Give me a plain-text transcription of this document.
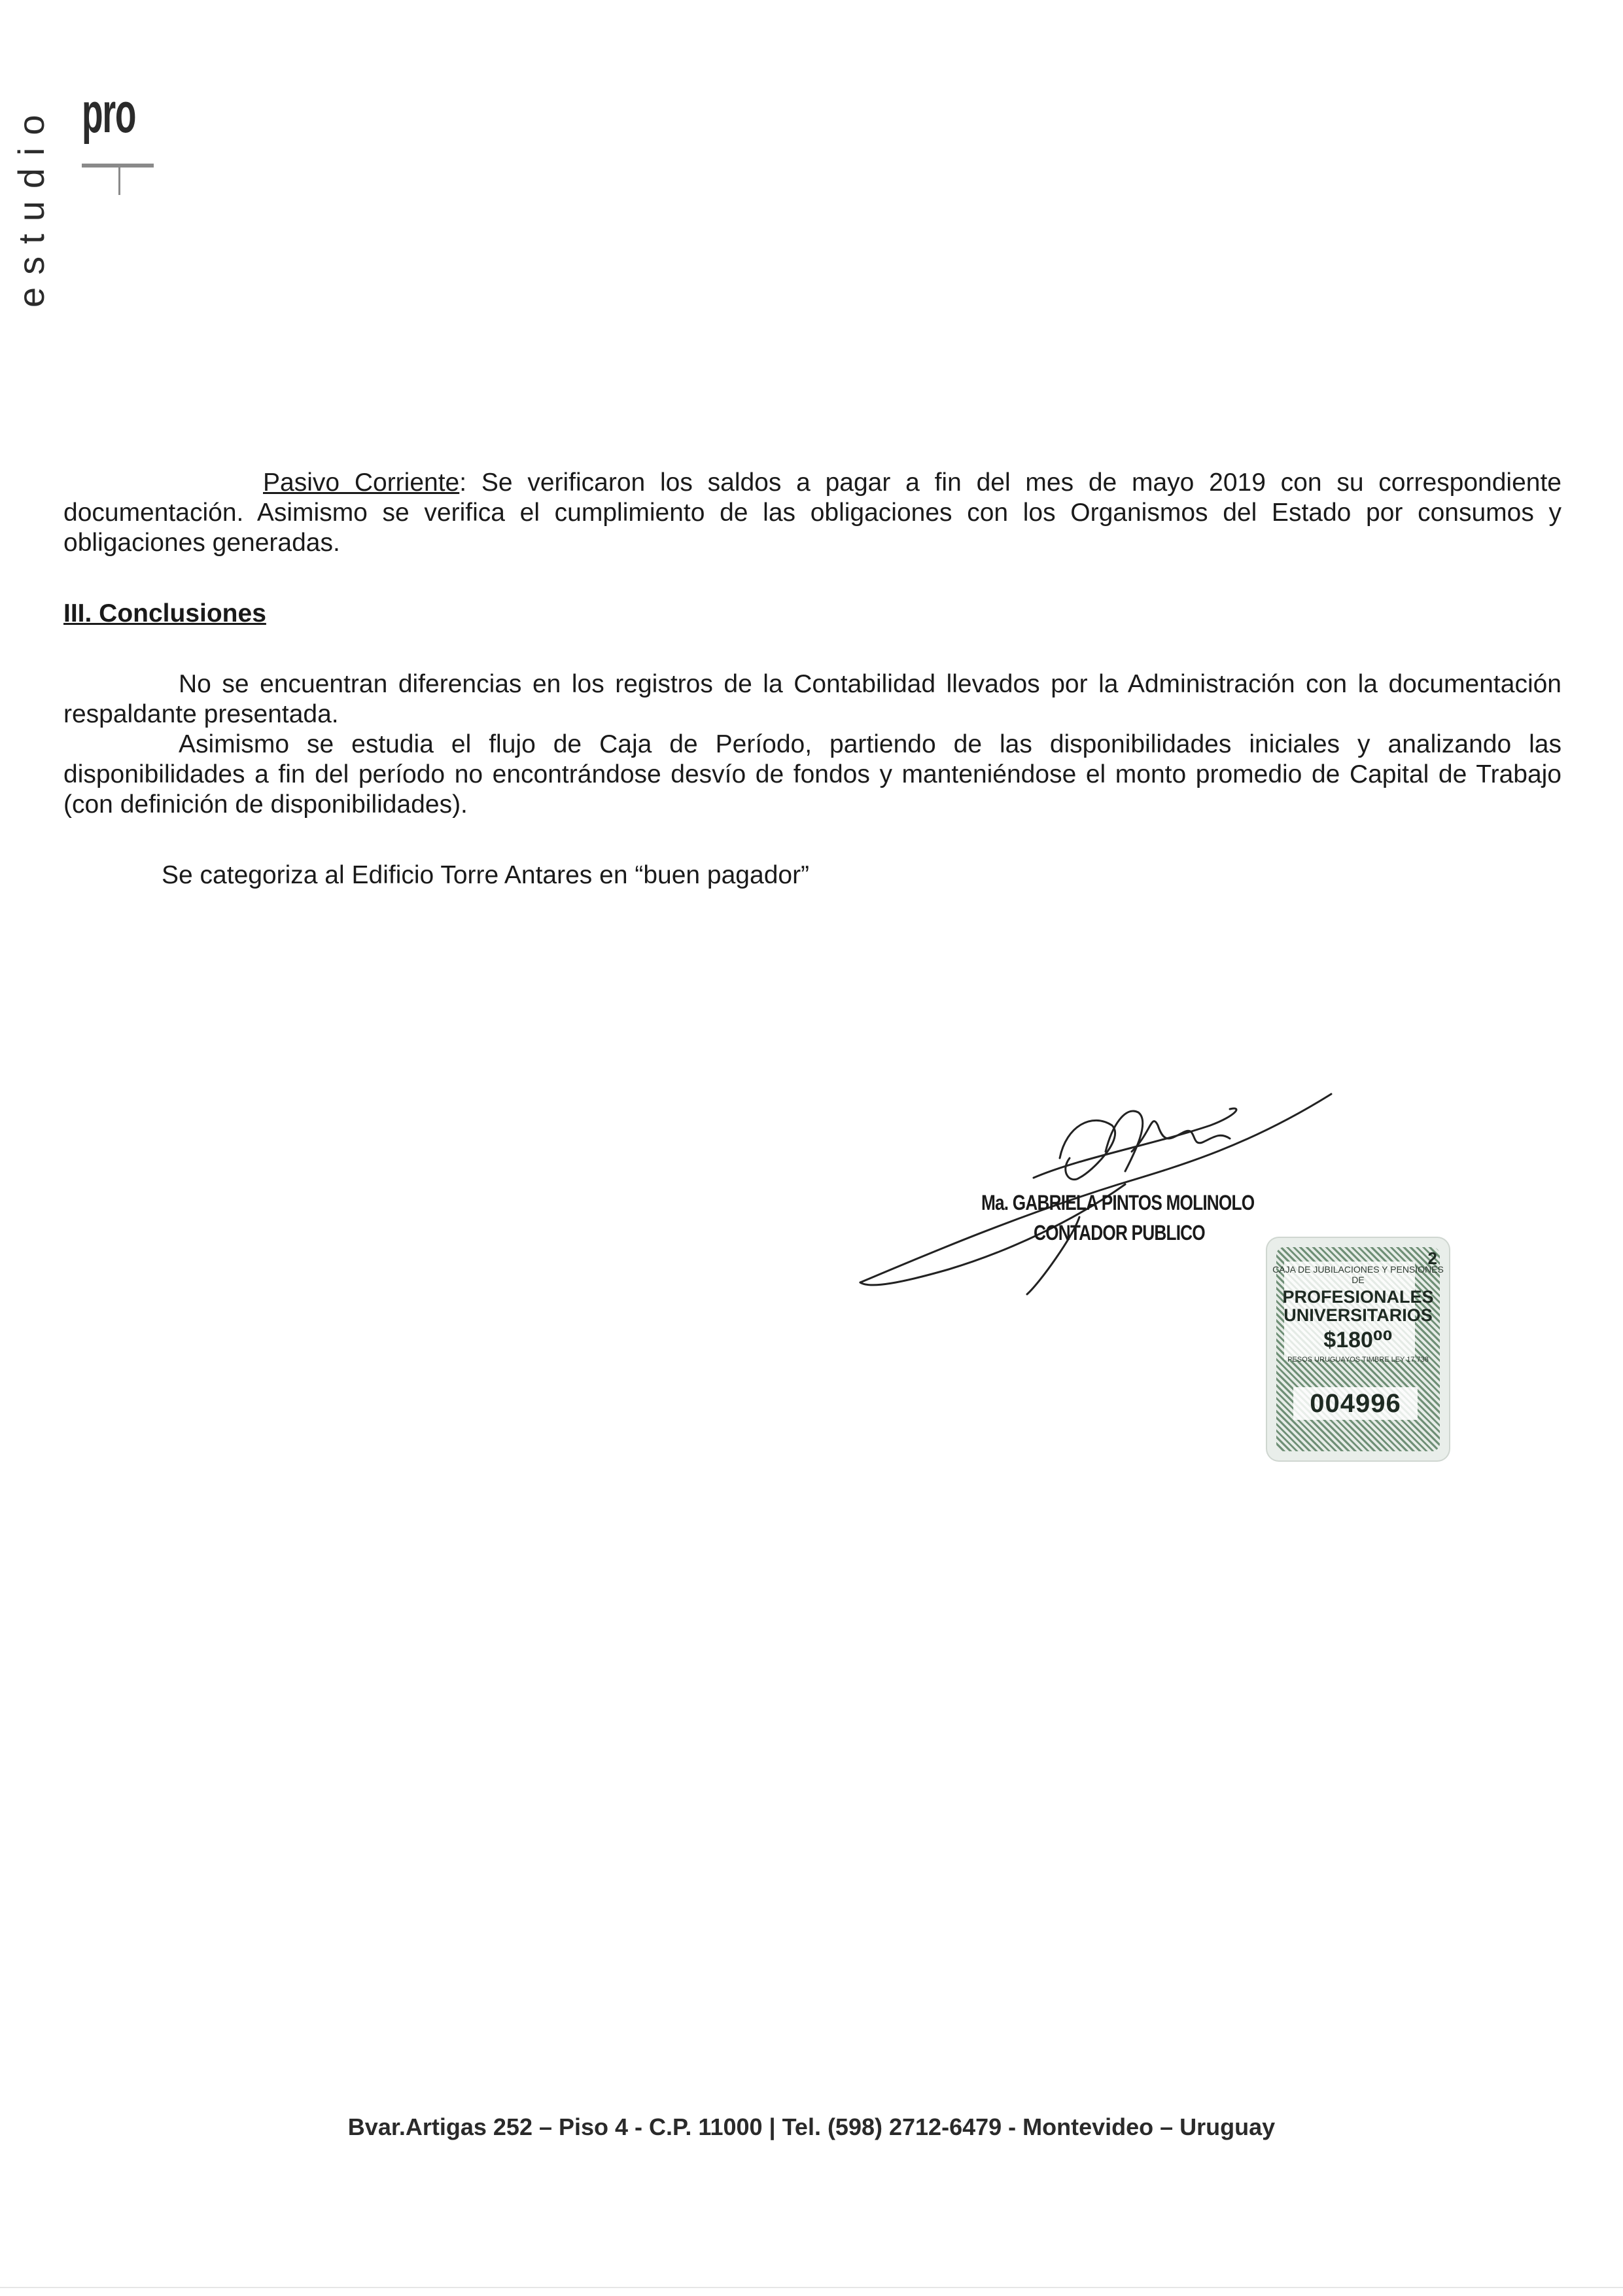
pro
estudio

Pasivo Corriente: Se verificaron los saldos a pagar a fin del mes de mayo 2019 con su correspondiente documentación. Asimismo se verifica el cumplimiento de las obligaciones con los Organismos del Estado por consumos y obligaciones generadas.

III. Conclusiones

No se encuentran diferencias en los registros de la Contabilidad llevados por la Administración con la documentación respaldante presentada.

Asimismo se estudia el flujo de Caja de Período, partiendo de las disponibilidades iniciales y analizando las disponibilidades a fin del período no encontrándose desvío de fondos y manteniéndose el monto promedio de Capital de Trabajo (con definición de disponibilidades).

Se categoriza al Edificio Torre Antares en “buen pagador”

Ma. GABRIELA PINTOS MOLINOLO
CONTADOR PUBLICO
2
CAJA DE JUBILACIONES Y PENSIONES DE
PROFESIONALES
UNIVERSITARIOS
$180⁰⁰
PESOS URUGUAYOS TIMBRE LEY 17.738
004996
Bvar.Artigas 252 – Piso 4 - C.P. 11000 | Tel. (598) 2712-6479 - Montevideo – Uruguay
